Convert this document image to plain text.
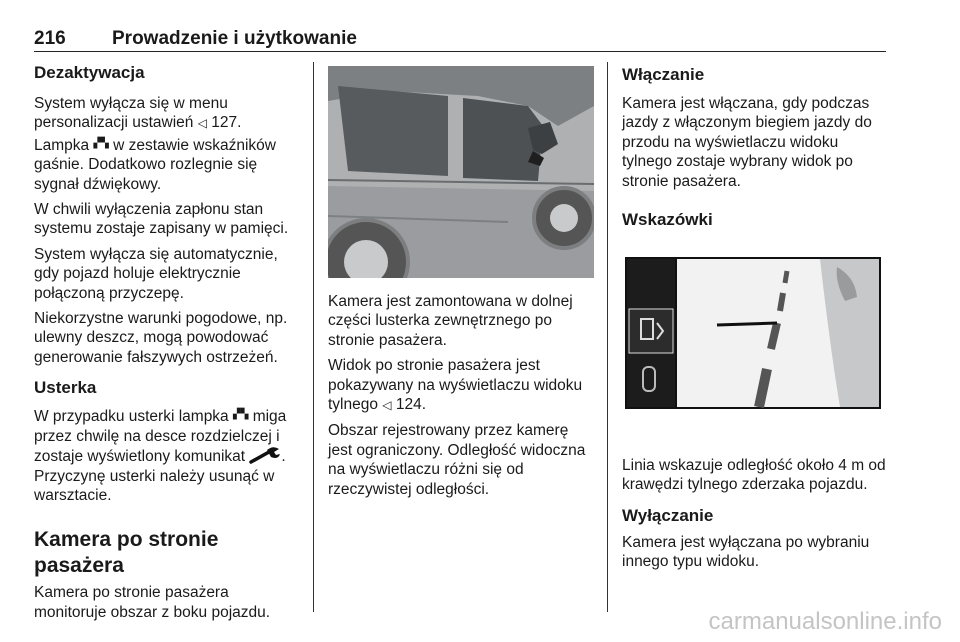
216 Prowadzenie i użytkowanie
Dezaktywacja

System wyłącza się w menu personalizacji ustawień ◁ 127. Lampka ▞▚ w zestawie wskaźników gaśnie. Dodatkowo rozlegnie się sygnał dźwiękowy.

W chwili wyłączenia zapłonu stan systemu zostaje zapisany w pamięci.

System wyłącza się automatycznie, gdy pojazd holuje elektrycznie połączoną przyczepę.

Niekorzystne warunki pogodowe, np. ulewny deszcz, mogą powodować generowanie fałszywych ostrzeżeń.

Usterka

W przypadku usterki lampka ▞▚ miga przez chwilę na desce rozdzielczej i zostaje wyświetlony komunikat . Przyczynę usterki należy usunąć w warsztacie.

Kamera po stronie pasażera

Kamera po stronie pasażera monitoruje obszar z boku pojazdu.

Kamera jest zamontowana w dolnej części lusterka zewnętrznego po stronie pasażera.

Widok po stronie pasażera jest pokazywany na wyświetlaczu widoku tylnego ◁ 124.

Obszar rejestrowany przez kamerę jest ograniczony. Odległość widoczna na wyświetlaczu różni się od rzeczywistej odległości.

Włączanie

Kamera jest włączana, gdy podczas jazdy z włączonym biegiem jazdy do przodu na wyświetlaczu widoku tylnego zostaje wybrany widok po stronie pasażera.

Wskazówki

Linia wskazuje odległość około 4 m od krawędzi tylnego zderzaka pojazdu.

Wyłączanie

Kamera jest wyłączana po wybraniu innego typu widoku.

carmanualsonline.info
